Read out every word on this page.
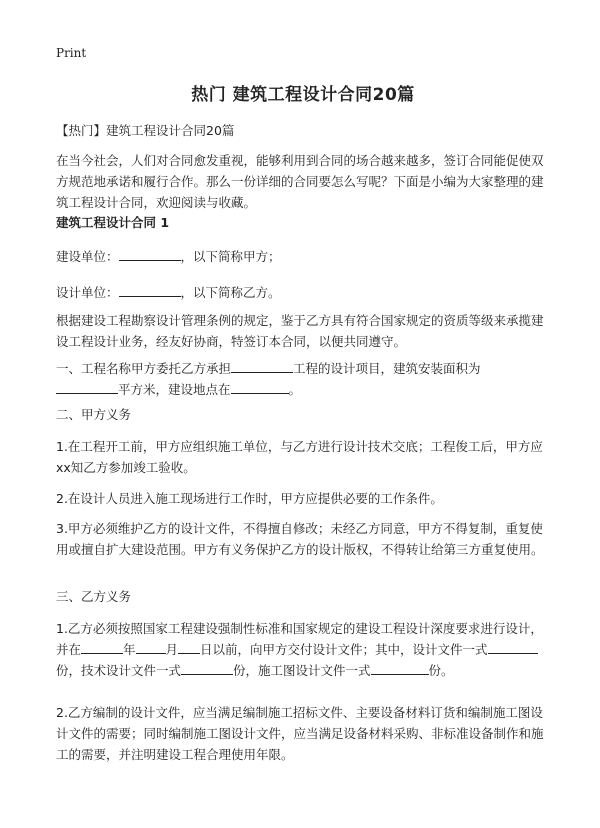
Print
热门 建筑工程设计合同20篇
【热门】建筑工程设计合同20篇
在当今社会，人们对合同愈发重视，能够利用到合同的场合越来越多，签订合同能促使双方规范地承诺和履行合作。那么一份详细的合同要怎么写呢？下面是小编为大家整理的建筑工程设计合同，欢迎阅读与收藏。
建筑工程设计合同 1
建设单位：	，以下简称甲方；
设计单位：	，以下简称乙方。
根据建设工程勘察设计管理条例的规定，鉴于乙方具有符合国家规定的资质等级来承揽建设工程设计业务，经友好协商，特签订本合同，以便共同遵守。
一、工程名称甲方委托乙方承担	工程的设计项目，建筑安装面积为
平方米，建设地点在	。
二、甲方义务
1.在工程开工前，甲方应组织施工单位，与乙方进行设计技术交底；工程俊工后，甲方应xx知乙方参加竣工验收。
2.在设计人员进入施工现场进行工作时，甲方应提供必要的工作条件。
3.甲方必须维护乙方的设计文件，不得擅自修改；未经乙方同意，甲方不得复制，重复使用或擅自扩大建设范围。甲方有义务保护乙方的设计版权，不得转让给第三方重复使用。
三、乙方义务
1.乙方必须按照国家工程建设强制性标准和国家规定的建设工程设计深度要求进行设计，并在	年 月 日以前，向甲方交付设计文件；其中，设计文件一式份，技术设计文件一式	份，施工图设计文件一式	份。
2.乙方编制的设计文件，应当满足编制施工招标文件、主要设备材料订货和编制施工图设计文件的需要；同时编制施工图设计文件，应当满足设备材料采购、非标准设备制作和施工的需要，并注明建设工程合理使用年限。
